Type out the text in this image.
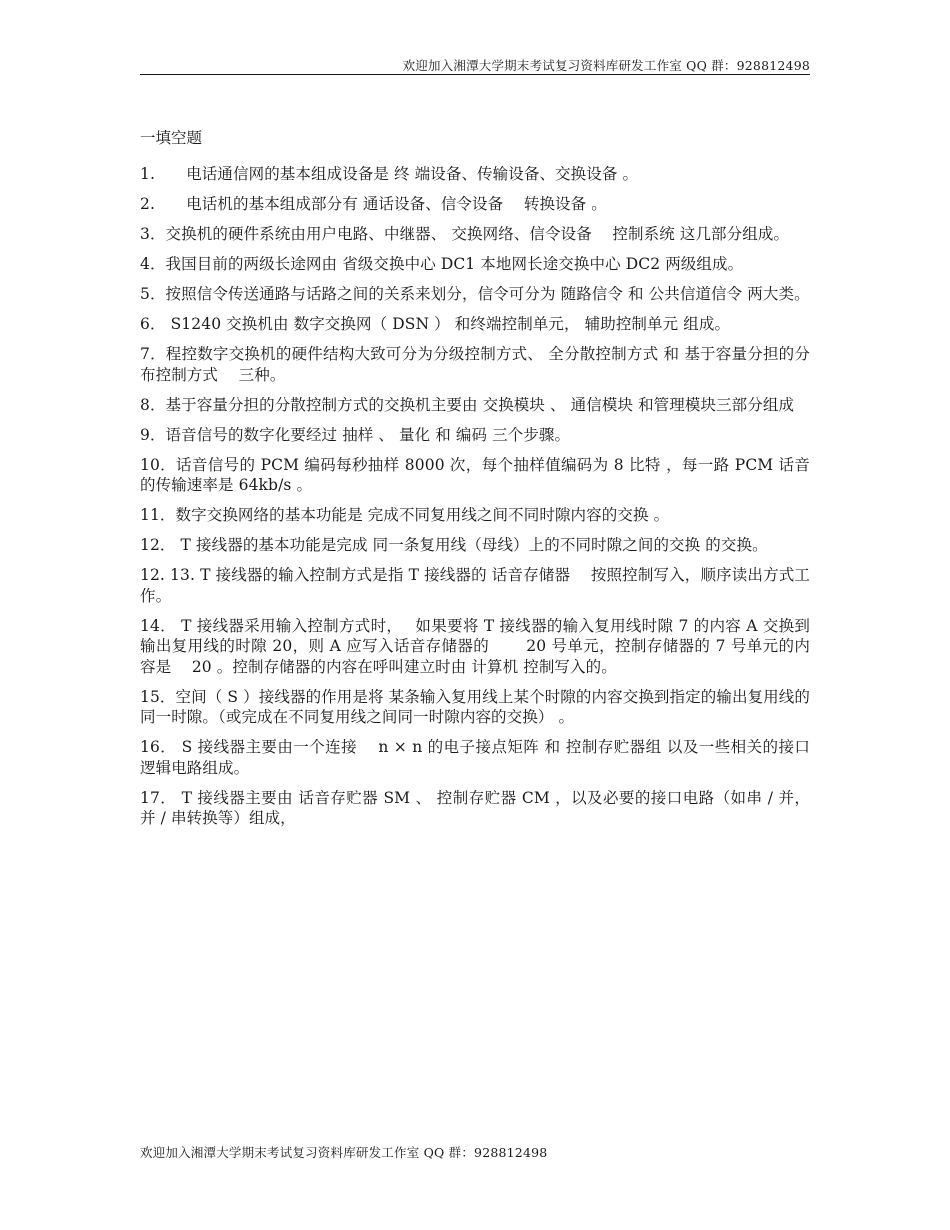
欢迎加入湘潭大学期末考试复习资料库研发工作室 QQ 群：928812498
一填空题
1.　　电话通信网的基本组成设备是 终 端设备、传输设备、交换设备 。
2.　　电话机的基本组成部分有 通话设备、信令设备　 转换设备 。
3．交换机的硬件系统由用户电路、中继器、 交换网络、信令设备　 控制系统 这几部分组成。
4．我国目前的两级长途网由 省级交换中心 DC1 本地网长途交换中心 DC2 两级组成。
5．按照信令传送通路与话路之间的关系来划分，信令可分为 随路信令 和 公共信道信令 两大类。
6． S1240 交换机由 数字交换网（ DSN ） 和终端控制单元， 辅助控制单元 组成。
7．程控数字交换机的硬件结构大致可分为分级控制方式、 全分散控制方式 和 基于容量分担的分布控制方式　 三种。
8．基于容量分担的分散控制方式的交换机主要由 交换模块 、 通信模块 和管理模块三部分组成
9．语音信号的数字化要经过 抽样 、 量化 和 编码 三个步骤。
10．话音信号的 PCM 编码每秒抽样 8000 次，每个抽样值编码为 8 比特 ，每一路 PCM 话音的传输速率是 64kb/s 。
11．数字交换网络的基本功能是 完成不同复用线之间不同时隙内容的交换 。
12． T 接线器的基本功能是完成 同一条复用线（母线）上的不同时隙之间的交换 的交换。
12. 13. T 接线器的输入控制方式是指 T 接线器的 话音存储器　 按照控制写入，顺序读出方式工作。
14． T 接线器采用输入控制方式时，　 如果要将 T 接线器的输入复用线时隙 7 的内容 A 交换到输出复用线的时隙 20，则 A 应写入话音存储器的　　 20 号单元，控制存储器的 7 号单元的内容是　 20 。控制存储器的内容在呼叫建立时由 计算机 控制写入的。
15．空间（ S ）接线器的作用是将 某条输入复用线上某个时隙的内容交换到指定的输出复用线的同一时隙。（或完成在不同复用线之间同一时隙内容的交换） 。
16． S 接线器主要由一个连接　 n × n 的电子接点矩阵 和 控制存贮器组 以及一些相关的接口逻辑电路组成。
17． T 接线器主要由 话音存贮器 SM 、 控制存贮器 CM ，以及必要的接口电路（如串 / 并，并 / 串转换等）组成，
欢迎加入湘潭大学期末考试复习资料库研发工作室 QQ 群：928812498
